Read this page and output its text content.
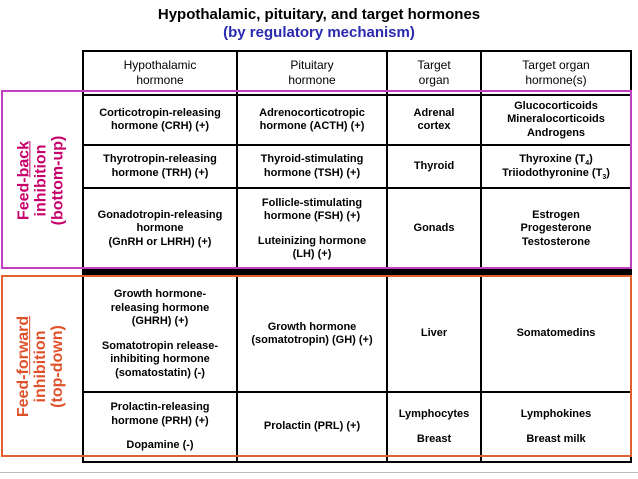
Hypothalamic, pituitary, and target hormones
(by regulatory mechanism)
Feed-back inhibition (bottom-up)
Feed-forward inhibition (top-down)
Hypothalamic
hormone
Pituitary
hormone
Target
organ
Target organ
hormone(s)
Corticotropin-releasing
hormone (CRH) (+)
Adrenocorticotropic
hormone (ACTH) (+)
Adrenal
cortex
Glucocorticoids
Mineralocorticoids
Androgens
Thyrotropin-releasing
hormone (TRH) (+)
Thyroid-stimulating
hormone (TSH) (+)
Thyroid
Thyroxine $(T_4)$
Triiodothyronine $(T_3)$
Gonadotropin-releasing
hormone
(GnRH or LHRH) (+)
Follicle-stimulating
hormone (FSH) (+)
Luteinizing hormone
(LH) (+)
Gonads
Estrogen
Progesterone
Testosterone
Growth hormone-
releasing hormone
(GHRH) (+)
Somatotropin release-
inhibiting hormone
(somatostatin) (-)
Growth hormone
(somatotropin) (GH) (+)
Liver	Somatomedins
Prolactin-releasing
hormone (PRH) (+)
Dopamine (-)
Prolactin (PRL) (+)
Lymphocytes
Breast
Lymphokines
Breast milk
